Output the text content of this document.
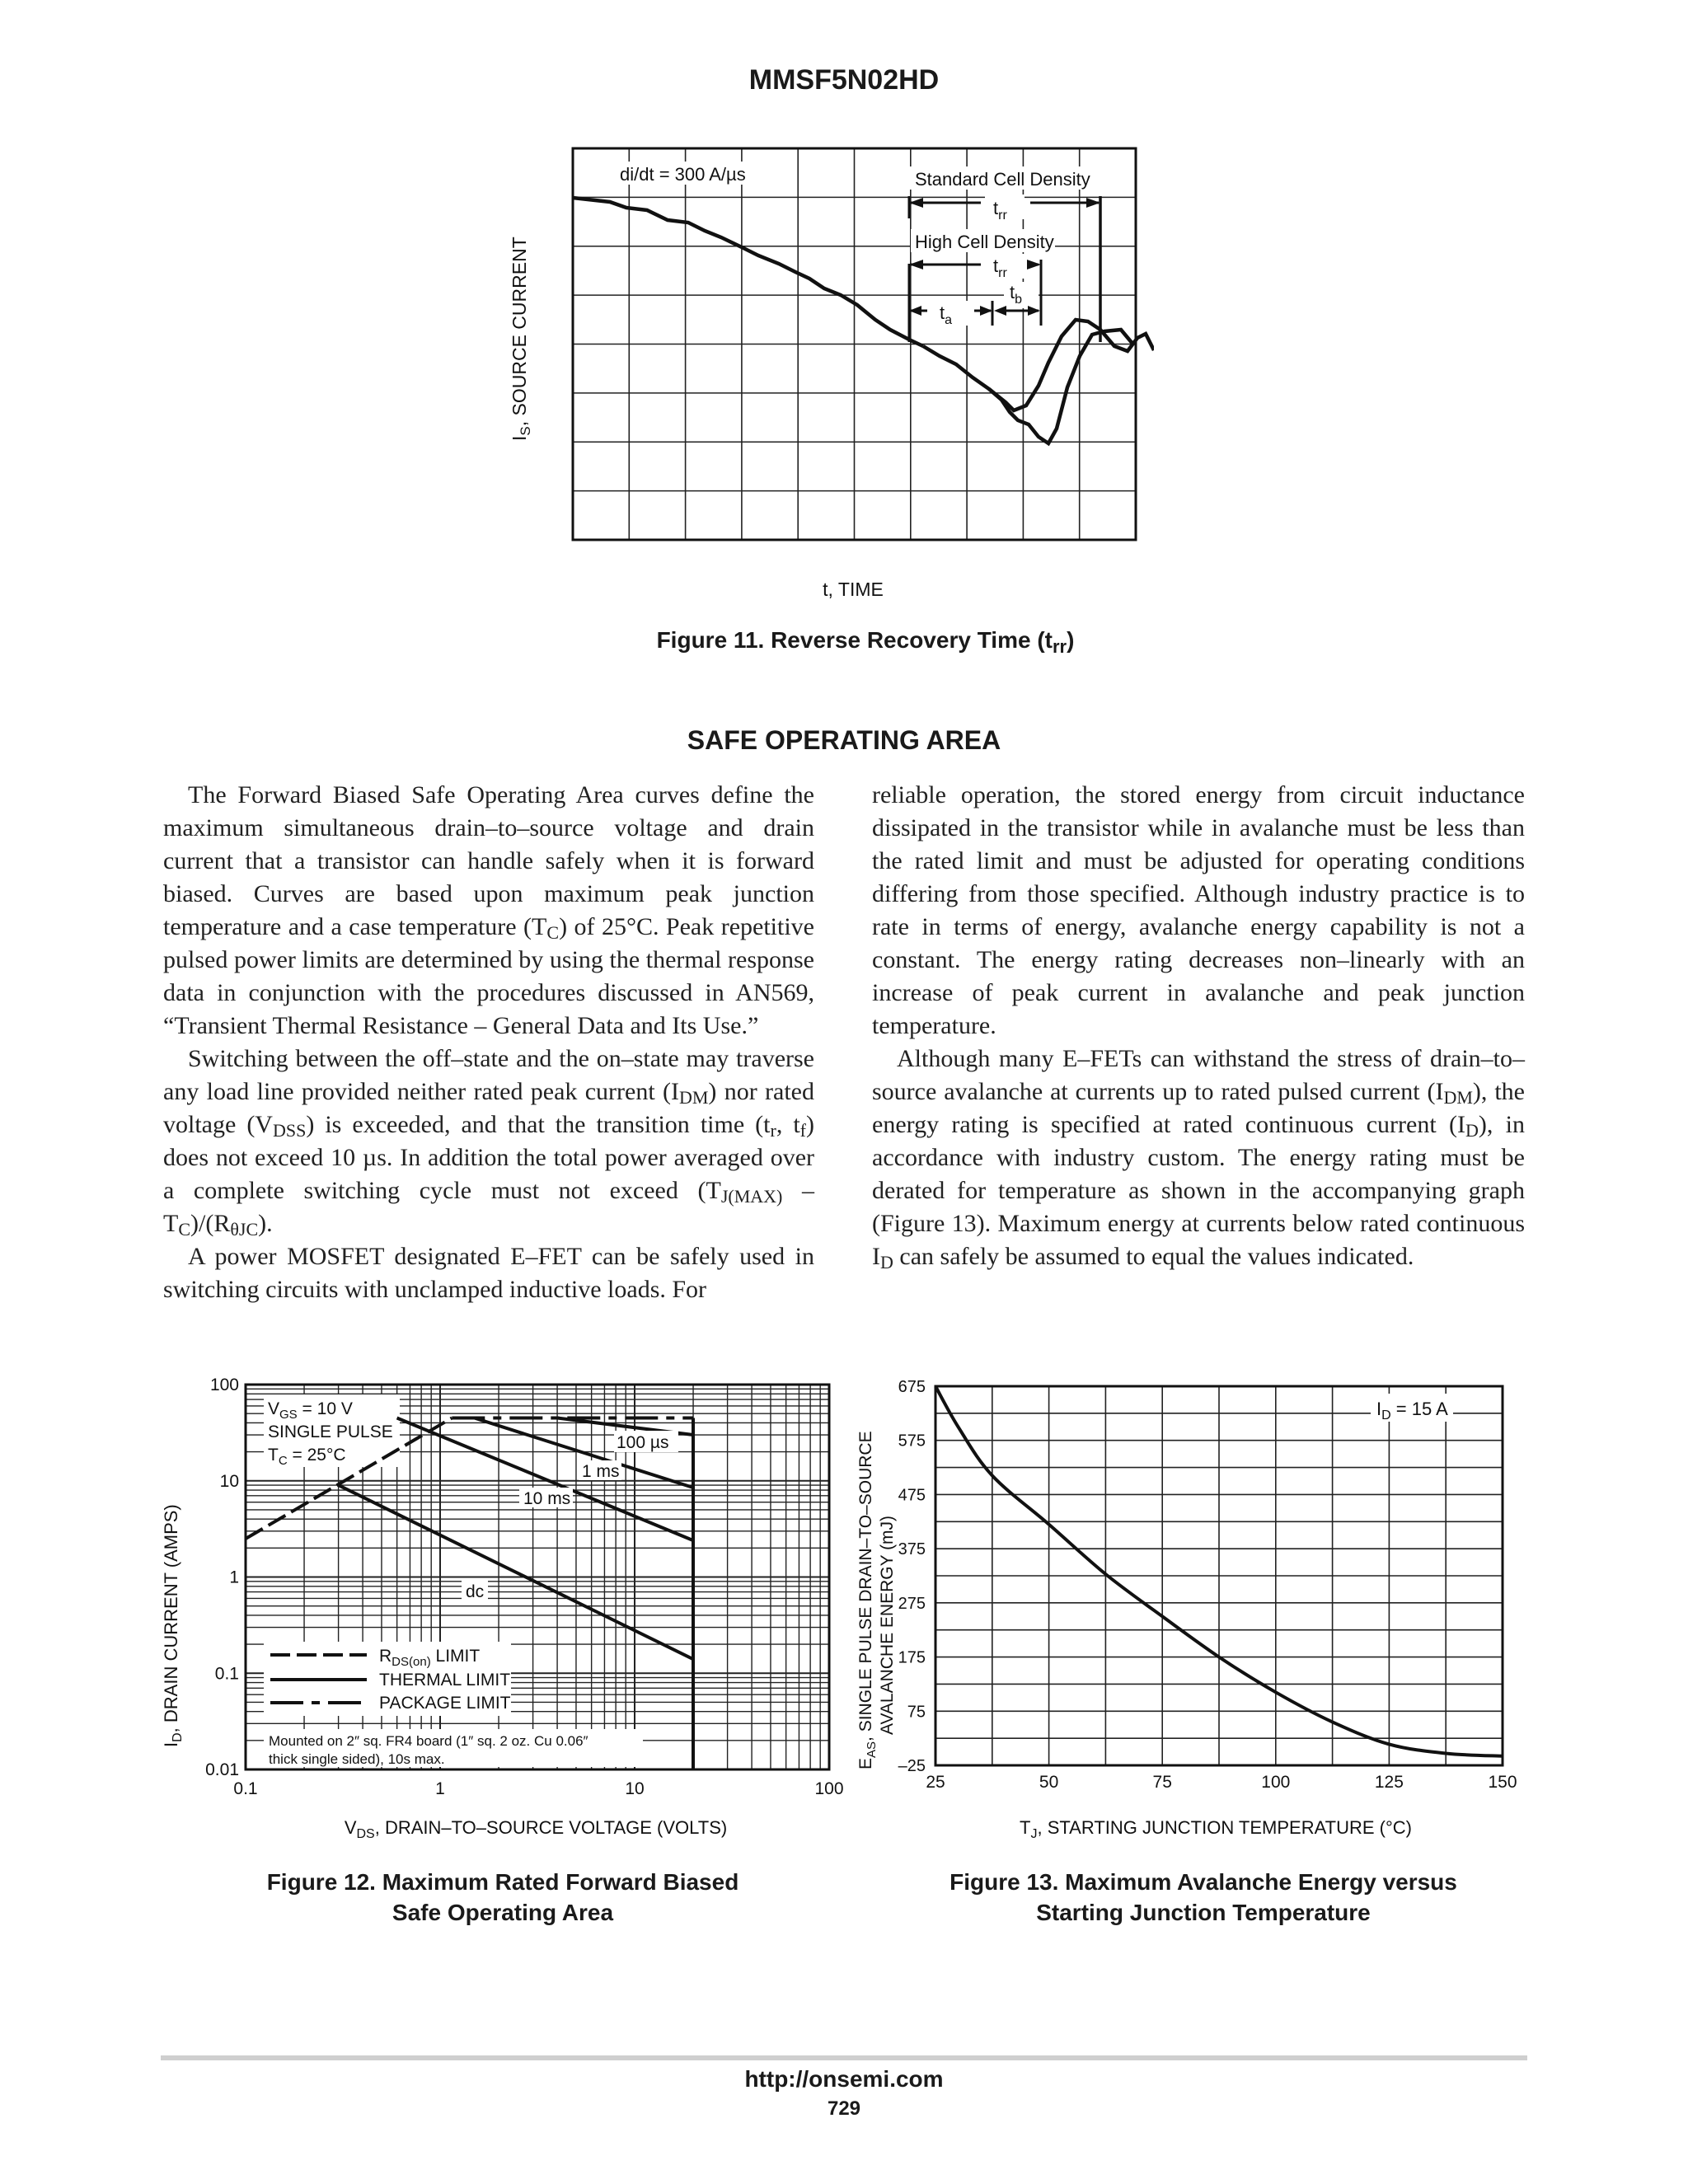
MMSF5N02HD
$I_S$, SOURCE CURRENT
t, TIME
di/dt = 300 A/µs	Standard Cell Density
$t_{rr}$
High Cell Density
$t_{rr}$
$t_a$
$t_b$
Figure 11. Reverse Recovery Time $(t_{rr})$
SAFE OPERATING AREA

The Forward Biased Safe Operating Area curves define the maximum simultaneous drain–to–source voltage and drain current that a transistor can handle safely when it is forward biased. Curves are based upon maximum peak junction temperature and a case temperature $(T_C)$ of 25°C. Peak repetitive pulsed power limits are determined by using the thermal response data in conjunction with the procedures discussed in AN569, “Transient Thermal Resistance – General Data and Its Use.”

Switching between the off–state and the on–state may traverse any load line provided neither rated peak current $(I_{DM})$ nor rated voltage $(V_{DSS})$ is exceeded, and that the transition time ($t_r$, $t_f$) does not exceed 10 µs. In addition the total power averaged over a complete switching cycle must not exceed $(T_{J(MAX)} - T_C)/(R_{\theta JC})$.

A power MOSFET designated E–FET can be safely used in switching circuits with unclamped inductive loads. For

reliable operation, the stored energy from circuit inductance dissipated in the transistor while in avalanche must be less than the rated limit and must be adjusted for operating conditions differing from those specified. Although industry practice is to rate in terms of energy, avalanche energy capability is not a constant. The energy rating decreases non–linearly with an increase of peak current in avalanche and peak junction temperature.

Although many E–FETs can withstand the stress of drain–to–source avalanche at currents up to rated pulsed current $(I_{DM})$, the energy rating is specified at rated continuous current $(I_D)$, in accordance with industry custom. The energy rating must be derated for temperature as shown in the accompanying graph (Figure 13). Maximum energy at currents below rated continuous $I_D$ can safely be assumed to equal the values indicated.

100
10
1
0.1
0.01
0.1	1	10	100
$I_D$, DRAIN CURRENT (AMPS)
$V_{DS}$, DRAIN–TO–SOURCE VOLTAGE (VOLTS)
$V_{GS} = 10$ V
SINGLE PULSE
$T_C = 25^\circ C$
100 µs
1 ms
10 ms
dc
$R_{DS(on)}$ LIMIT
THERMAL LIMIT
PACKAGE LIMIT
Mounted on 2″ sq. FR4 board (1″ sq. 2 oz. Cu 0.06″
thick single sided), 10s max.
Figure 12. Maximum Rated Forward Biased
Safe Operating Area
–25
75
175
275
375
475
575
675
25	50	75	100	125	150
$E_{AS}$, SINGLE PULSE DRAIN–TO–SOURCE AVALANCHE ENERGY (mJ)
$T_J$, STARTING JUNCTION TEMPERATURE (°C)
$I_D = 15$ A
Figure 13. Maximum Avalanche Energy versus
Starting Junction Temperature
http://onsemi.com
729
